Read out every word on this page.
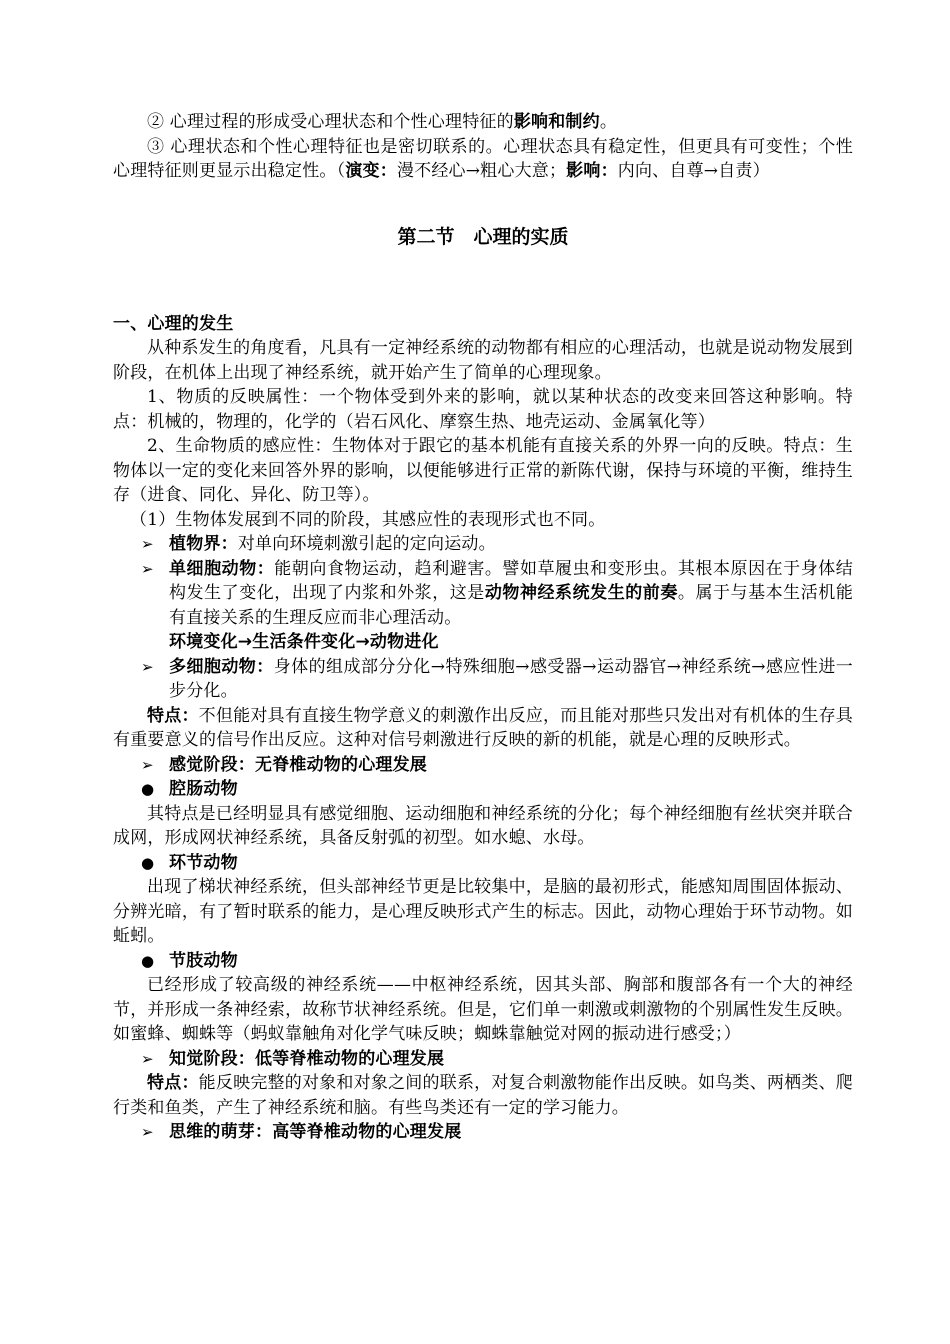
② 心理过程的形成受心理状态和个性心理特征的影响和制约。

③ 心理状态和个性心理特征也是密切联系的。心理状态具有稳定性，但更具有可变性；个性心理特征则更显示出稳定性。（演变：漫不经心→粗心大意；影响：内向、自尊→自责）

第二节　心理的实质

一、心理的发生

从种系发生的角度看，凡具有一定神经系统的动物都有相应的心理活动，也就是说动物发展到阶段，在机体上出现了神经系统，就开始产生了简单的心理现象。

1、物质的反映属性：一个物体受到外来的影响，就以某种状态的改变来回答这种影响。特点：机械的，物理的，化学的（岩石风化、摩察生热、地壳运动、金属氧化等）

2、生命物质的感应性：生物体对于跟它的基本机能有直接关系的外界一向的反映。特点：生物体以一定的变化来回答外界的影响，以便能够进行正常的新陈代谢，保持与环境的平衡，维持生存（进食、同化、异化、防卫等）。

（1）生物体发展到不同的阶段，其感应性的表现形式也不同。

➢ 植物界：对单向环境刺激引起的定向运动。

➢ 单细胞动物：能朝向食物运动，趋利避害。譬如草履虫和变形虫。其根本原因在于身体结构发生了变化，出现了内浆和外浆，这是动物神经系统发生的前奏。属于与基本生活机能有直接关系的生理反应而非心理活动。

环境变化→生活条件变化→动物进化

➢ 多细胞动物：身体的组成部分分化→特殊细胞→感受器→运动器官→神经系统→感应性进一步分化。

特点：不但能对具有直接生物学意义的刺激作出反应，而且能对那些只发出对有机体的生存具有重要意义的信号作出反应。这种对信号刺激进行反映的新的机能，就是心理的反映形式。

➢ 感觉阶段：无脊椎动物的心理发展

● 腔肠动物

其特点是已经明显具有感觉细胞、运动细胞和神经系统的分化；每个神经细胞有丝状突并联合成网，形成网状神经系统，具备反射弧的初型。如水螅、水母。

● 环节动物

出现了梯状神经系统，但头部神经节更是比较集中，是脑的最初形式，能感知周围固体振动、分辨光暗，有了暂时联系的能力，是心理反映形式产生的标志。因此，动物心理始于环节动物。如蚯蚓。

● 节肢动物

已经形成了较高级的神经系统——中枢神经系统，因其头部、胸部和腹部各有一个大的神经节，并形成一条神经索，故称节状神经系统。但是，它们单一刺激或刺激物的个别属性发生反映。如蜜蜂、蜘蛛等（蚂蚁靠触角对化学气味反映；蜘蛛靠触觉对网的振动进行感受；）

➢ 知觉阶段：低等脊椎动物的心理发展

特点：能反映完整的对象和对象之间的联系，对复合刺激物能作出反映。如鸟类、两栖类、爬行类和鱼类，产生了神经系统和脑。有些鸟类还有一定的学习能力。

➢ 思维的萌芽：高等脊椎动物的心理发展
